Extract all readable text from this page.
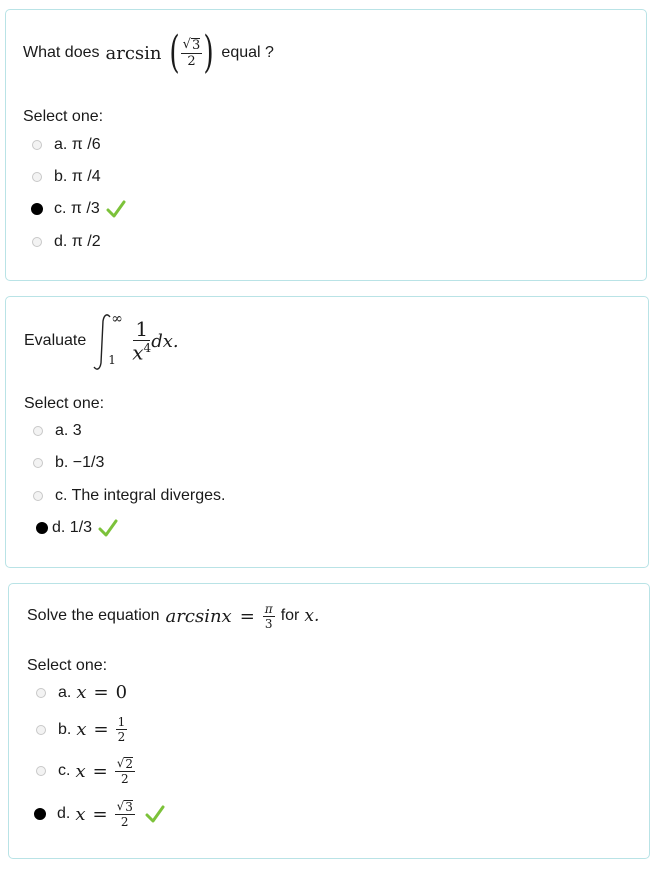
What does arcsin ( $\frac{√ 3}{2}$ ) equal ?
Select one:
a. π /6
b. π /4
c. π /3
d. π /2
Evaluate
∞
$1 \frac{1}{x^4}$ dx.
Select one:
a. 3
b. −1/3
c. The integral diverges.
d. 1/3
Solve the equation $\arcsin x = \frac{\pi}{3}$ for x.
Select one:
a. x = 0
b. $x = \frac{1}{2}$
c. $x = \frac{√ 2}{2}$
d. $x = \frac{√ 3}{2}$
